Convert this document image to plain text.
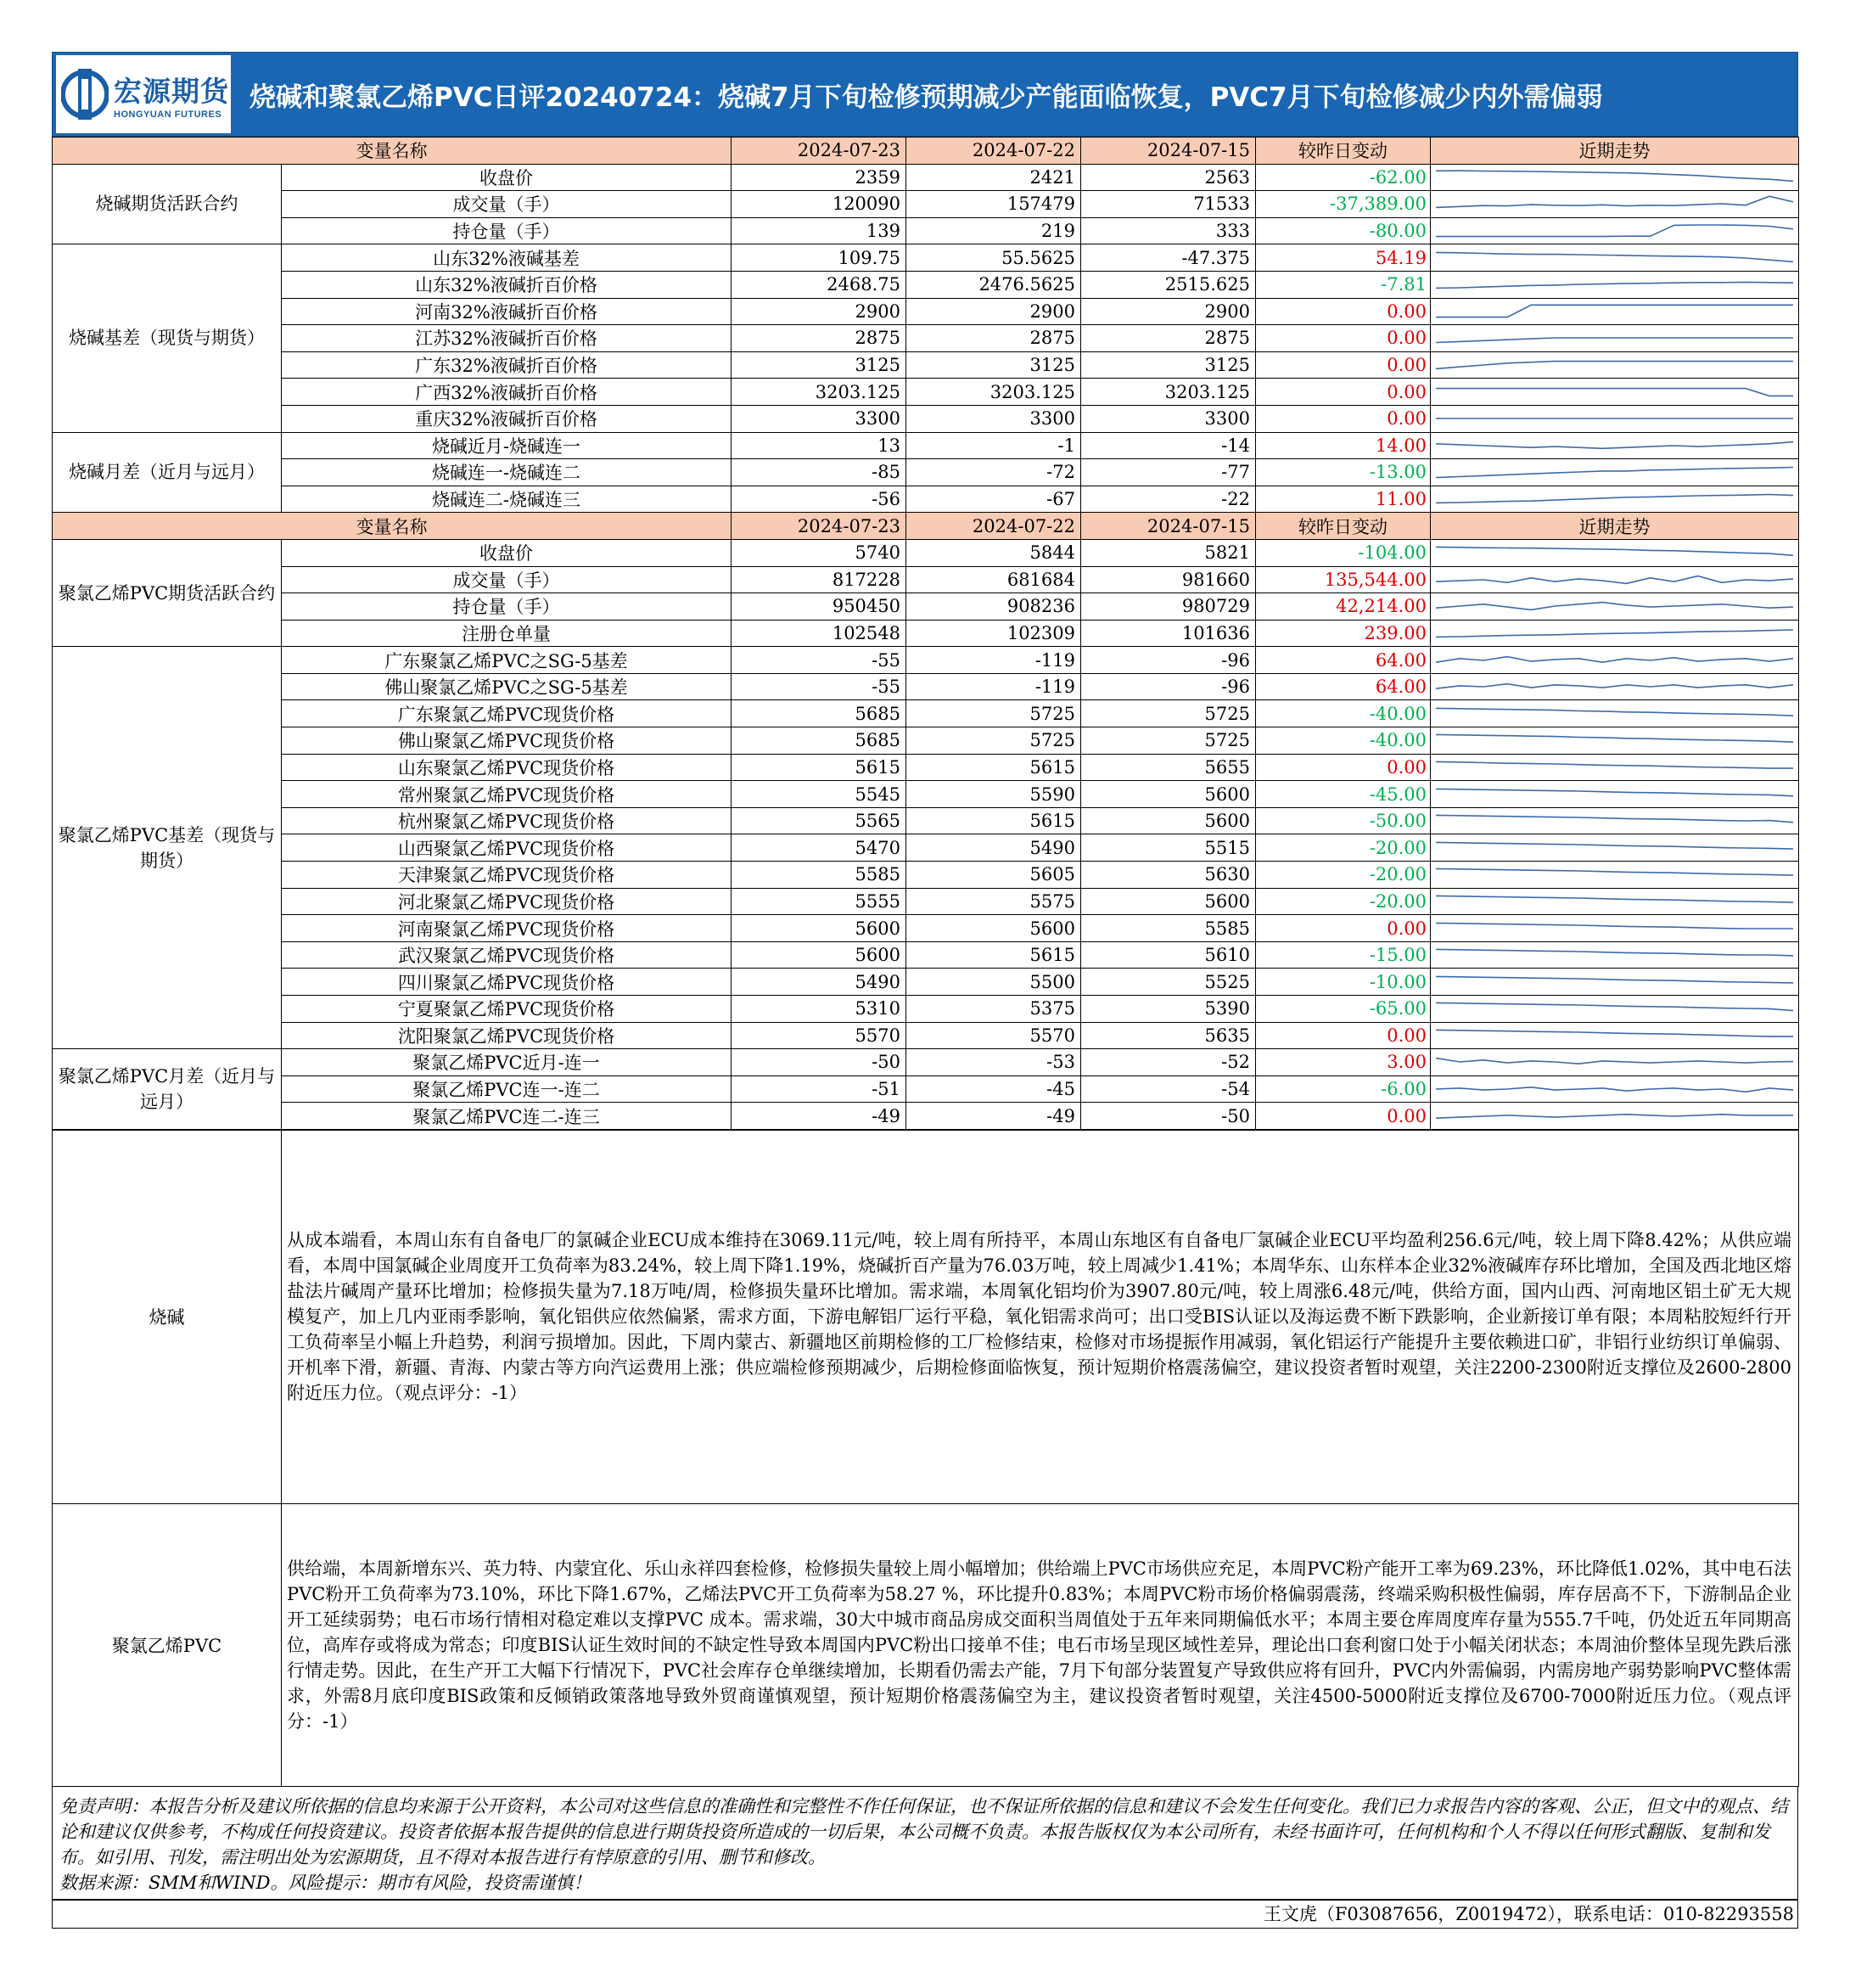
宏源期货
HONGYUAN FUTURES
烧碱和聚氯乙烯PVC日评20240724：烧碱7月下旬检修预期减少产能面临恢复，PVC7月下旬检修减少内外需偏弱
变量名称		2024-07-23	2024-07-22	2024-07-15	较昨日变动	近期走势
烧碱期货活跃合约	收盘价	2359	2421	2563	-62.00	

	成交量（手）	120090	157479	71533	-37,389.00	

	持仓量（手）	139	219	333	-80.00	

烧碱基差（现货与期货）	山东32%液碱基差	109.75	55.5625	-47.375	54.19	

	山东32%液碱折百价格	2468.75	2476.5625	2515.625	-7.81	

	河南32%液碱折百价格	2900	2900	2900	0.00	

	江苏32%液碱折百价格	2875	2875	2875	0.00	

	广东32%液碱折百价格	3125	3125	3125	0.00	

	广西32%液碱折百价格	3203.125	3203.125	3203.125	0.00	

	重庆32%液碱折百价格	3300	3300	3300	0.00	

烧碱月差（近月与远月）	烧碱近月-烧碱连一	13	-1	-14	14.00	

	烧碱连一-烧碱连二	-85	-72	-77	-13.00	

	烧碱连二-烧碱连三	-56	-67	-22	11.00	

变量名称		2024-07-23	2024-07-22	2024-07-15	较昨日变动	近期走势
聚氯乙烯PVC期货活跃合约	收盘价	5740	5844	5821	-104.00	

	成交量（手）	817228	681684	981660	135,544.00	

	持仓量（手）	950450	908236	980729	42,214.00	

	注册仓单量	102548	102309	101636	239.00	

聚氯乙烯PVC基差（现货与期货）	广东聚氯乙烯PVC之SG-5基差	-55	-119	-96	64.00	

	佛山聚氯乙烯PVC之SG-5基差	-55	-119	-96	64.00	

	广东聚氯乙烯PVC现货价格	5685	5725	5725	-40.00	

	佛山聚氯乙烯PVC现货价格	5685	5725	5725	-40.00	

	山东聚氯乙烯PVC现货价格	5615	5615	5655	0.00	

	常州聚氯乙烯PVC现货价格	5545	5590	5600	-45.00	

	杭州聚氯乙烯PVC现货价格	5565	5615	5600	-50.00	

	山西聚氯乙烯PVC现货价格	5470	5490	5515	-20.00	

	天津聚氯乙烯PVC现货价格	5585	5605	5630	-20.00	

	河北聚氯乙烯PVC现货价格	5555	5575	5600	-20.00	

	河南聚氯乙烯PVC现货价格	5600	5600	5585	0.00	

	武汉聚氯乙烯PVC现货价格	5600	5615	5610	-15.00	

	四川聚氯乙烯PVC现货价格	5490	5500	5525	-10.00	

	宁夏聚氯乙烯PVC现货价格	5310	5375	5390	-65.00	

	沈阳聚氯乙烯PVC现货价格	5570	5570	5635	0.00	

聚氯乙烯PVC月差（近月与远月）	聚氯乙烯PVC近月-连一	-50	-53	-52	3.00	

	聚氯乙烯PVC连一-连二	-51	-45	-54	-6.00	

	聚氯乙烯PVC连二-连三	-49	-49	-50	0.00	
烧碱	从成本端看，本周山东有自备电厂的氯碱企业ECU成本维持在3069.11元/吨，较上周有所持平，本周山东地区有自备电厂氯碱企业ECU平均盈利256.6元/吨，较上周下降8.42%；从供应端看，本周中国氯碱企业周度开工负荷率为83.24%，较上周下降1.19%，烧碱折百产量为76.03万吨，较上周减少1.41%；本周华东、山东样本企业32%液碱库存环比增加，全国及西北地区熔盐法片碱周产量环比增加；检修损失量为7.18万吨/周，检修损失量环比增加。需求端，本周氧化铝均价为3907.80元/吨，较上周涨6.48元/吨，供给方面，国内山西、河南地区铝土矿无大规模复产，加上几内亚雨季影响，氧化铝供应依然偏紧，需求方面，下游电解铝厂运行平稳，氧化铝需求尚可；出口受BIS认证以及海运费不断下跌影响，企业新接订单有限；本周粘胶短纤行开工负荷率呈小幅上升趋势，利润亏损增加。因此，下周内蒙古、新疆地区前期检修的工厂检修结束，检修对市场提振作用减弱，氧化铝运行产能提升主要依赖进口矿，非铝行业纺织订单偏弱、开机率下滑，新疆、青海、内蒙古等方向汽运费用上涨；供应端检修预期减少，后期检修面临恢复，预计短期价格震荡偏空，建议投资者暂时观望，关注2200-2300附近支撑位及2600-2800附近压力位。（观点评分：-1）
聚氯乙烯PVC	供给端，本周新增东兴、英力特、内蒙宜化、乐山永祥四套检修，检修损失量较上周小幅增加；供给端上PVC市场供应充足，本周PVC粉产能开工率为69.23%，环比降低1.02%，其中电石法PVC粉开工负荷率为73.10%，环比下降1.67%，乙烯法PVC开工负荷率为58.27 %，环比提升0.83%；本周PVC粉市场价格偏弱震荡，终端采购积极性偏弱，库存居高不下，下游制品企业开工延续弱势；电石市场行情相对稳定难以支撑PVC 成本。需求端，30大中城市商品房成交面积当周值处于五年来同期偏低水平；本周主要仓库周度库存量为555.7千吨，仍处近五年同期高位，高库存或将成为常态；印度BIS认证生效时间的不缺定性导致本周国内PVC粉出口接单不佳；电石市场呈现区域性差异，理论出口套利窗口处于小幅关闭状态；本周油价整体呈现先跌后涨行情走势。因此，在生产开工大幅下行情况下，PVC社会库存仓单继续增加，长期看仍需去产能，7月下旬部分装置复产导致供应将有回升，PVC内外需偏弱，内需房地产弱势影响PVC整体需求，外需8月底印度BIS政策和反倾销政策落地导致外贸商谨慎观望，预计短期价格震荡偏空为主，建议投资者暂时观望，关注4500-5000附近支撑位及6700-7000附近压力位。（观点评分：-1）
免责声明：本报告分析及建议所依据的信息均来源于公开资料，本公司对这些信息的准确性和完整性不作任何保证，也不保证所依据的信息和建议不会发生任何变化。我们已力求报告内容的客观、公正，但文中的观点、结论和建议仅供参考，不构成任何投资建议。投资者依据本报告提供的信息进行期货投资所造成的一切后果，本公司概不负责。本报告版权仅为本公司所有，未经书面许可，任何机构和个人不得以任何形式翻版、复制和发布。如引用、刊发，需注明出处为宏源期货，且不得对本报告进行有悖原意的引用、删节和修改。
数据来源：SMM和WIND。风险提示：期市有风险，投资需谨慎！
王文虎（F03087656，Z0019472），联系电话：010-82293558
